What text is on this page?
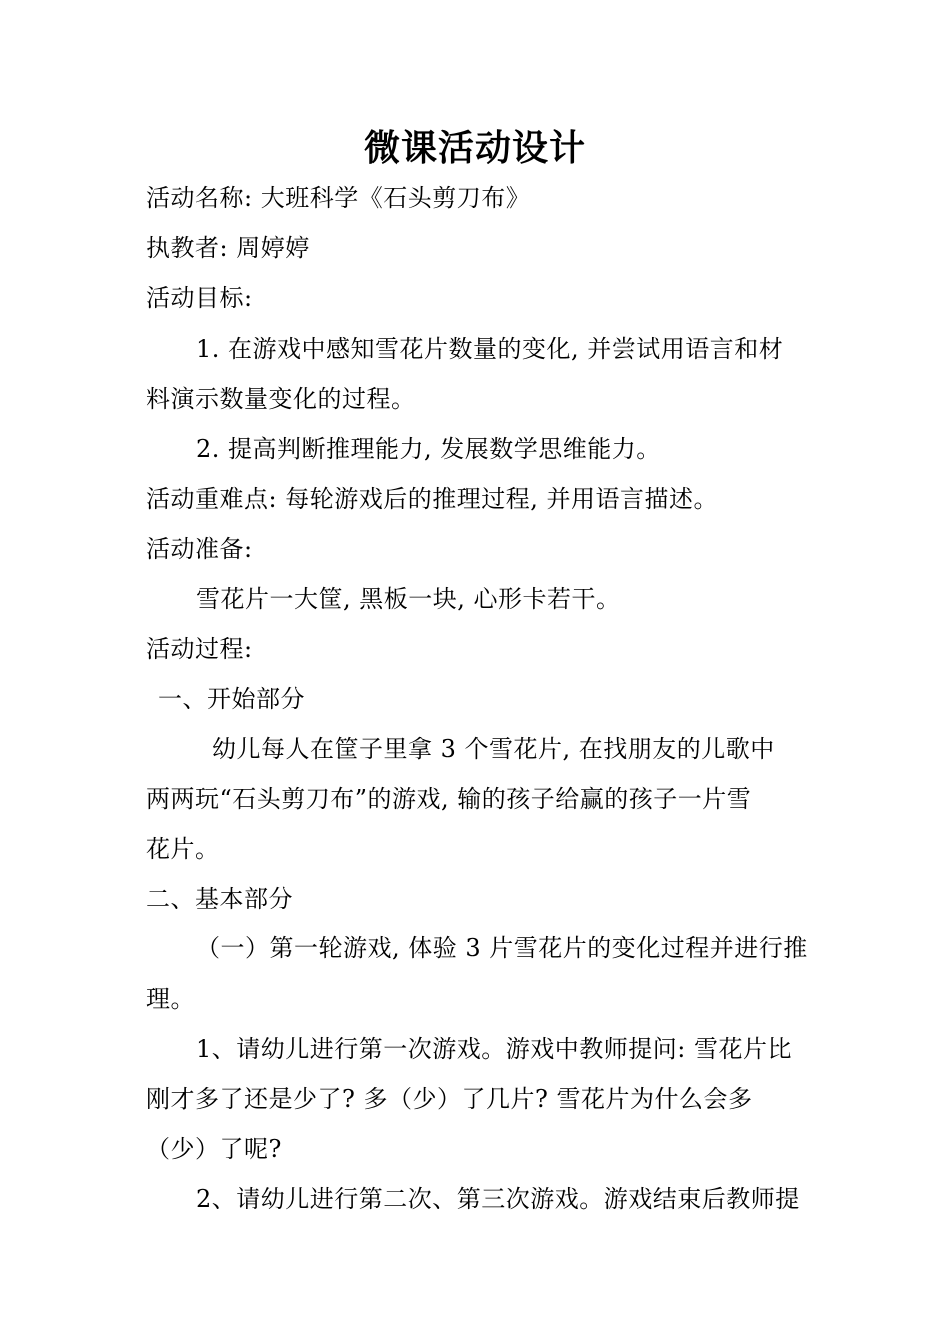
微课活动设计
活动名称: 大班科学《石头剪刀布》
执教者: 周婷婷
活动目标:
1. 在游戏中感知雪花片数量的变化, 并尝试用语言和材
料演示数量变化的过程。
2. 提高判断推理能力, 发展数学思维能力。
活动重难点: 每轮游戏后的推理过程, 并用语言描述。
活动准备:
雪花片一大筐, 黑板一块, 心形卡若干。
活动过程:
一、开始部分
幼儿每人在筐子里拿 3 个雪花片, 在找朋友的儿歌中
两两玩“石头剪刀布”的游戏, 输的孩子给赢的孩子一片雪
花片。
二、基本部分
（一）第一轮游戏, 体验 3 片雪花片的变化过程并进行推
理。
1、请幼儿进行第一次游戏。游戏中教师提问: 雪花片比
刚才多了还是少了? 多（少）了几片? 雪花片为什么会多
（少）了呢?
2、请幼儿进行第二次、第三次游戏。游戏结束后教师提
